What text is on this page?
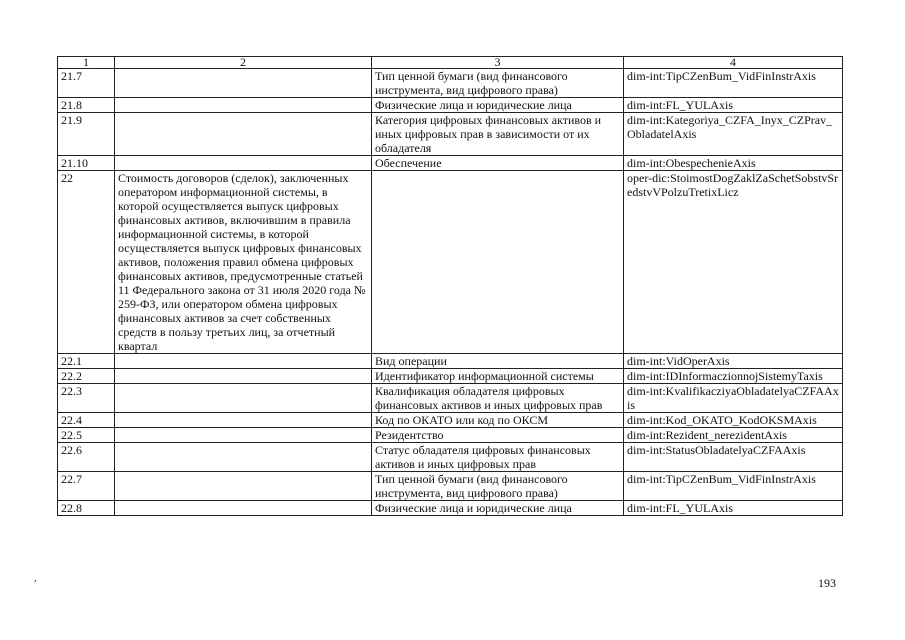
1	2	3	4
21.7		Тип ценной бумаги (вид финансового инструмента, вид цифрового права)	dim-int:TipCZenBum_VidFinInstrAxis
21.8		Физические лица и юридические лица	dim-int:FL_YULAxis
21.9		Категория цифровых финансовых активов и иных цифровых прав в зависимости от их обладателя	dim-int:Kategoriya_CZFA_Inyx_CZPrav_ObladatelAxis
21.10		Обеспечение	dim-int:ObespechenieAxis
22	Стоимость договоров (сделок), заключенных оператором информационной системы, в которой осуществляется выпуск цифровых финансовых активов, включившим в правила информационной системы, в которой осуществляется выпуск цифровых финансовых активов, положения правил обмена цифровых финансовых активов, предусмотренные статьей 11 Федерального закона от 31 июля 2020 года № 259-ФЗ, или оператором обмена цифровых финансовых активов за счет собственных средств в пользу третьих лиц, за отчетный квартал		oper-dic:StoimostDogZaklZaSchetSobstvSredstvVPolzuTretixLicz
22.1		Вид операции	dim-int:VidOperAxis
22.2		Идентификатор информационной системы	dim-int:IDInformaczionnojSistemyTaxis
22.3		Квалификация обладателя цифровых финансовых активов и иных цифровых прав	dim-int:KvalifikacziyaObladatelyaCZFAAxis
22.4		Код по ОКАТО или код по ОКСМ	dim-int:Kod_OKATO_KodOKSMAxis
22.5		Резидентство	dim-int:Rezident_nerezidentAxis
22.6		Статус обладателя цифровых финансовых активов и иных цифровых прав	dim-int:StatusObladatelyaCZFAAxis
22.7		Тип ценной бумаги (вид финансового инструмента, вид цифрового права)	dim-int:TipCZenBum_VidFinInstrAxis
22.8		Физические лица и юридические лица	dim-int:FL_YULAxis
,	193
